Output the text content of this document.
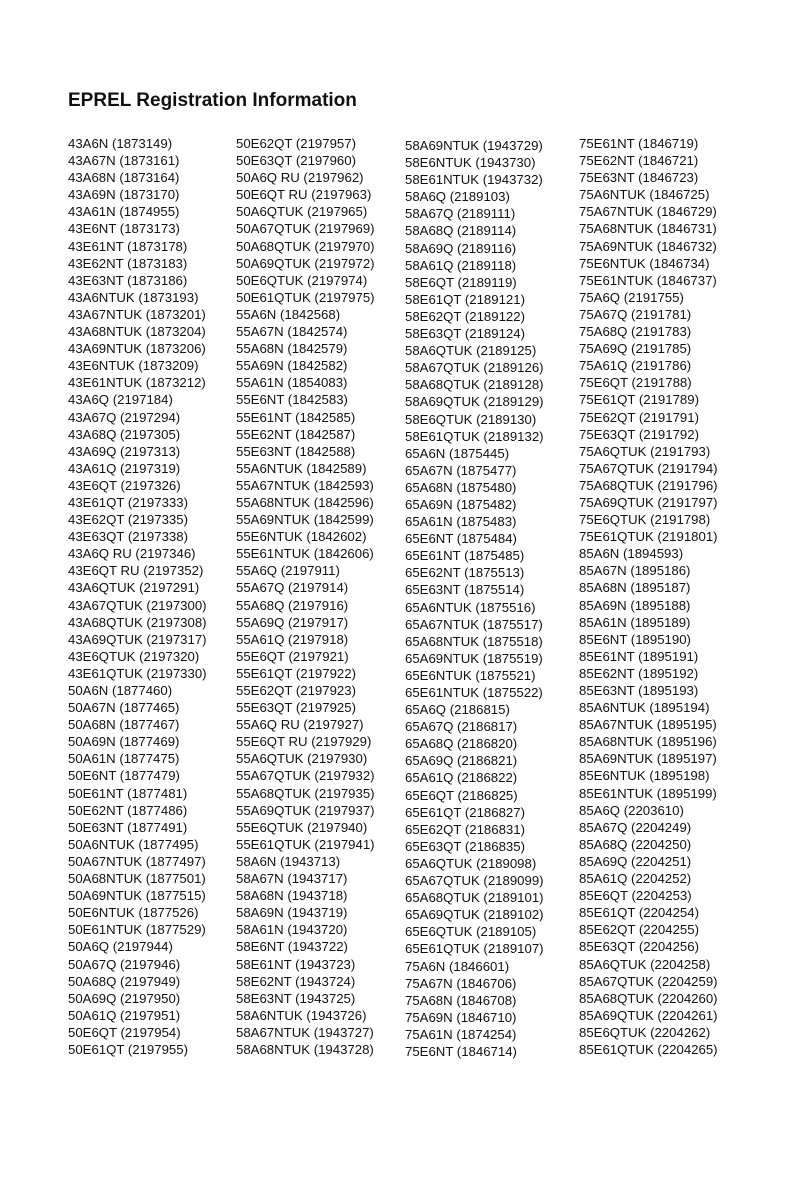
EPREL Registration Information
43A6N (1873149)
43A67N (1873161)
43A68N (1873164)
43A69N (1873170)
43A61N (1874955)
43E6NT (1873173)
43E61NT (1873178)
43E62NT (1873183)
43E63NT (1873186)
43A6NTUK (1873193)
43A67NTUK (1873201)
43A68NTUK (1873204)
43A69NTUK (1873206)
43E6NTUK (1873209)
43E61NTUK (1873212)
43A6Q (2197184)
43A67Q (2197294)
43A68Q (2197305)
43A69Q (2197313)
43A61Q (2197319)
43E6QT (2197326)
43E61QT (2197333)
43E62QT (2197335)
43E63QT (2197338)
43A6Q RU (2197346)
43E6QT RU (2197352)
43A6QTUK (2197291)
43A67QTUK (2197300)
43A68QTUK (2197308)
43A69QTUK (2197317)
43E6QTUK (2197320)
43E61QTUK (2197330)
50A6N (1877460)
50A67N (1877465)
50A68N (1877467)
50A69N (1877469)
50A61N (1877475)
50E6NT (1877479)
50E61NT (1877481)
50E62NT (1877486)
50E63NT (1877491)
50A6NTUK (1877495)
50A67NTUK (1877497)
50A68NTUK (1877501)
50A69NTUK (1877515)
50E6NTUK (1877526)
50E61NTUK (1877529)
50A6Q (2197944)
50A67Q (2197946)
50A68Q (2197949)
50A69Q (2197950)
50A61Q (2197951)
50E6QT (2197954)
50E61QT (2197955)
50E62QT (2197957)
50E63QT (2197960)
50A6Q RU (2197962)
50E6QT RU (2197963)
50A6QTUK (2197965)
50A67QTUK (2197969)
50A68QTUK (2197970)
50A69QTUK (2197972)
50E6QTUK (2197974)
50E61QTUK (2197975)
55A6N (1842568)
55A67N (1842574)
55A68N (1842579)
55A69N (1842582)
55A61N (1854083)
55E6NT (1842583)
55E61NT (1842585)
55E62NT (1842587)
55E63NT (1842588)
55A6NTUK (1842589)
55A67NTUK (1842593)
55A68NTUK (1842596)
55A69NTUK (1842599)
55E6NTUK (1842602)
55E61NTUK (1842606)
55A6Q (2197911)
55A67Q (2197914)
55A68Q (2197916)
55A69Q (2197917)
55A61Q (2197918)
55E6QT (2197921)
55E61QT (2197922)
55E62QT (2197923)
55E63QT (2197925)
55A6Q RU (2197927)
55E6QT RU (2197929)
55A6QTUK (2197930)
55A67QTUK (2197932)
55A68QTUK (2197935)
55A69QTUK (2197937)
55E6QTUK (2197940)
55E61QTUK (2197941)
58A6N (1943713)
58A67N (1943717)
58A68N (1943718)
58A69N (1943719)
58A61N (1943720)
58E6NT (1943722)
58E61NT (1943723)
58E62NT (1943724)
58E63NT (1943725)
58A6NTUK (1943726)
58A67NTUK (1943727)
58A68NTUK (1943728)
58A69NTUK (1943729)
58E6NTUK (1943730)
58E61NTUK (1943732)
58A6Q (2189103)
58A67Q (2189111)
58A68Q (2189114)
58A69Q (2189116)
58A61Q (2189118)
58E6QT (2189119)
58E61QT (2189121)
58E62QT (2189122)
58E63QT (2189124)
58A6QTUK (2189125)
58A67QTUK (2189126)
58A68QTUK (2189128)
58A69QTUK (2189129)
58E6QTUK (2189130)
58E61QTUK (2189132)
65A6N (1875445)
65A67N (1875477)
65A68N (1875480)
65A69N (1875482)
65A61N (1875483)
65E6NT (1875484)
65E61NT (1875485)
65E62NT (1875513)
65E63NT (1875514)
65A6NTUK (1875516)
65A67NTUK (1875517)
65A68NTUK (1875518)
65A69NTUK (1875519)
65E6NTUK (1875521)
65E61NTUK (1875522)
65A6Q (2186815)
65A67Q (2186817)
65A68Q (2186820)
65A69Q (2186821)
65A61Q (2186822)
65E6QT (2186825)
65E61QT (2186827)
65E62QT (2186831)
65E63QT (2186835)
65A6QTUK (2189098)
65A67QTUK (2189099)
65A68QTUK (2189101)
65A69QTUK (2189102)
65E6QTUK (2189105)
65E61QTUK (2189107)
75A6N (1846601)
75A67N (1846706)
75A68N (1846708)
75A69N (1846710)
75A61N (1874254)
75E6NT (1846714)
75E61NT (1846719)
75E62NT (1846721)
75E63NT (1846723)
75A6NTUK (1846725)
75A67NTUK (1846729)
75A68NTUK (1846731)
75A69NTUK (1846732)
75E6NTUK (1846734)
75E61NTUK (1846737)
75A6Q (2191755)
75A67Q (2191781)
75A68Q (2191783)
75A69Q (2191785)
75A61Q (2191786)
75E6QT (2191788)
75E61QT (2191789)
75E62QT (2191791)
75E63QT (2191792)
75A6QTUK (2191793)
75A67QTUK (2191794)
75A68QTUK (2191796)
75A69QTUK (2191797)
75E6QTUK (2191798)
75E61QTUK (2191801)
85A6N (1894593)
85A67N (1895186)
85A68N (1895187)
85A69N (1895188)
85A61N (1895189)
85E6NT (1895190)
85E61NT (1895191)
85E62NT (1895192)
85E63NT (1895193)
85A6NTUK (1895194)
85A67NTUK (1895195)
85A68NTUK (1895196)
85A69NTUK (1895197)
85E6NTUK (1895198)
85E61NTUK (1895199)
85A6Q (2203610)
85A67Q (2204249)
85A68Q (2204250)
85A69Q (2204251)
85A61Q (2204252)
85E6QT (2204253)
85E61QT (2204254)
85E62QT (2204255)
85E63QT (2204256)
85A6QTUK (2204258)
85A67QTUK (2204259)
85A68QTUK (2204260)
85A69QTUK (2204261)
85E6QTUK (2204262)
85E61QTUK (2204265)
